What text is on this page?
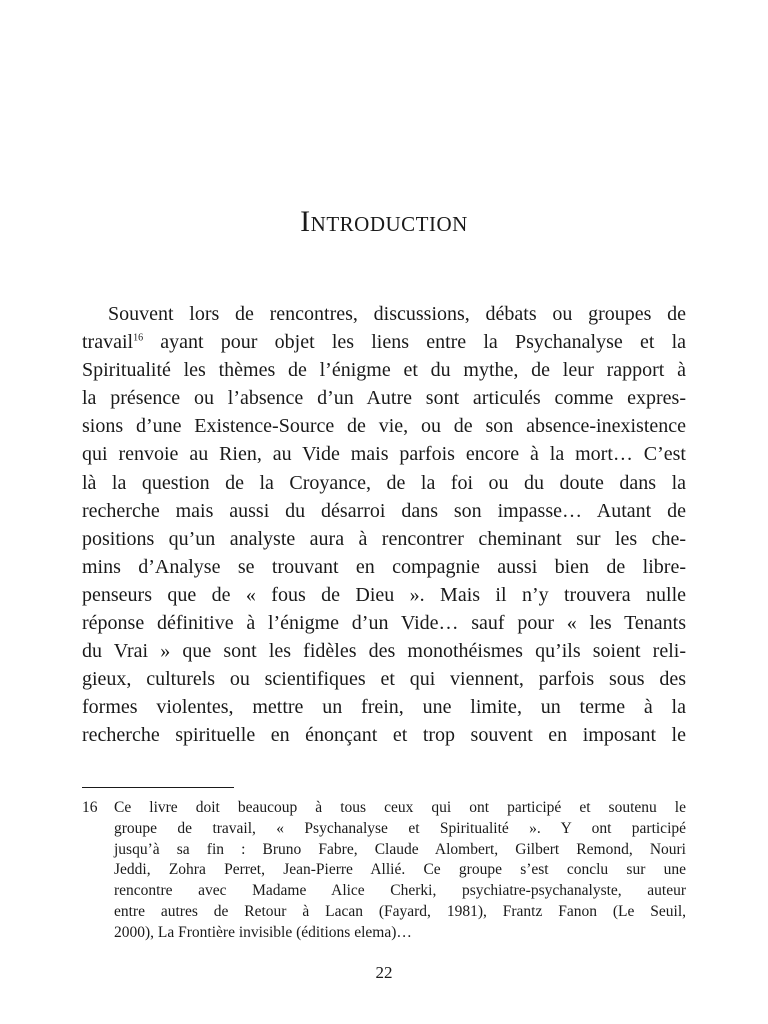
Introduction
Souvent lors de rencontres, discussions, débats ou groupes de
travail$^{16}$ ayant pour objet les liens entre la Psychanalyse et la
Spiritualité les thèmes de l’énigme et du mythe, de leur rapport à
la présence ou l’absence d’un Autre sont articulés comme expres-
sions d’une Existence-Source de vie, ou de son absence-inexistence
qui renvoie au Rien, au Vide mais parfois encore à la mort… C’est
là la question de la Croyance, de la foi ou du doute dans la
recherche mais aussi du désarroi dans son impasse… Autant de
positions qu’un analyste aura à rencontrer cheminant sur les che-
mins d’Analyse se trouvant en compagnie aussi bien de libre-
penseurs que de « fous de Dieu ». Mais il n’y trouvera nulle
réponse définitive à l’énigme d’un Vide… sauf pour « les Tenants
du Vrai » que sont les fidèles des monothéismes qu’ils soient reli-
gieux, culturels ou scientifiques et qui viennent, parfois sous des
formes violentes, mettre un frein, une limite, un terme à la
recherche spirituelle en énonçant et trop souvent en imposant le
16 Ce livre doit beaucoup à tous ceux qui ont participé et soutenu le
groupe de travail, « Psychanalyse et Spiritualité ». Y ont participé
jusqu’à sa fin : Bruno Fabre, Claude Alombert, Gilbert Remond, Nouri
Jeddi, Zohra Perret, Jean-Pierre Allié. Ce groupe s’est conclu sur une
rencontre avec Madame Alice Cherki, psychiatre-psychanalyste, auteur
entre autres de Retour à Lacan (Fayard, 1981), Frantz Fanon (Le Seuil,
2000), La Frontière invisible (éditions elema)…
22
